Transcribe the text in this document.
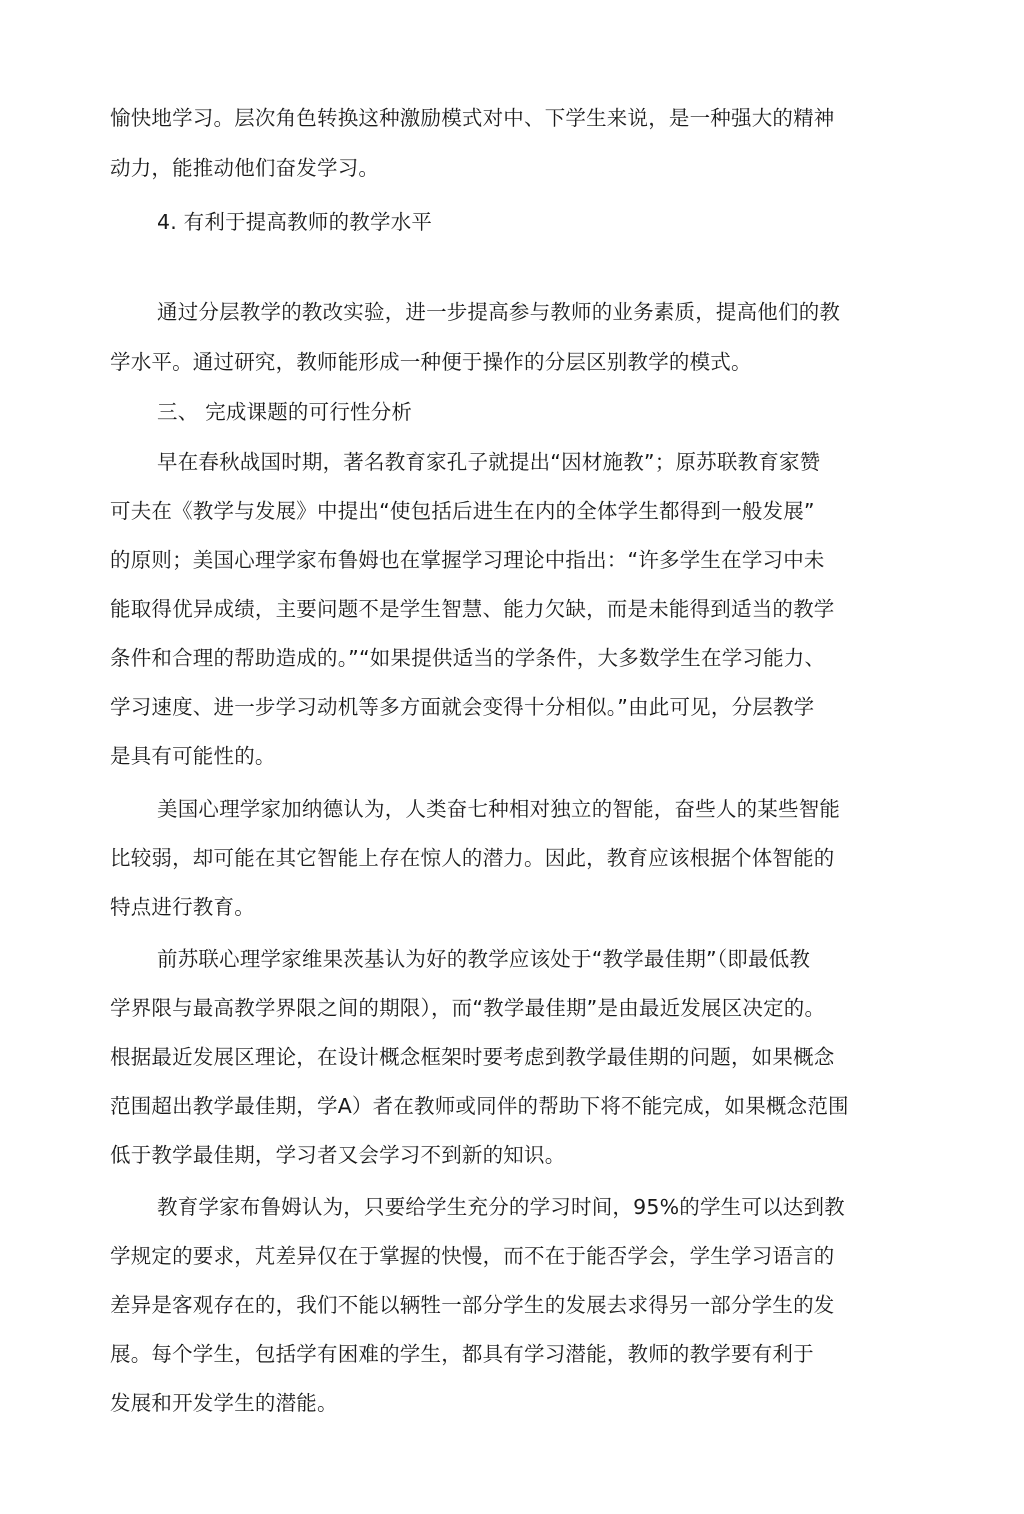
愉快地学习。层次角色转换这种激励模式对中、下学生来说，是一种强大的精神
动力，能推动他们奋发学习。
4. 有利于提高教师的教学水平
通过分层教学的教改实验，进一步提高参与教师的业务素质，提高他们的教
学水平。通过研究，教师能形成一种便于操作的分层区别教学的模式。
三、 完成课题的可行性分析
早在春秋战国时期，著名教育家孔子就提出“因材施教”；原苏联教育家赞
可夫在《教学与发展》中提出“使包括后进生在内的全体学生都得到一般发展”
的原则；美国心理学家布鲁姆也在掌握学习理论中指出：“许多学生在学习中未
能取得优异成绩，主要问题不是学生智慧、能力欠缺，而是未能得到适当的教学
条件和合理的帮助造成的。”“如果提供适当的学条件，大多数学生在学习能力、
学习速度、进一步学习动机等多方面就会变得十分相似。”由此可见，分层教学
是具有可能性的。
美国心理学家加纳德认为，人类奋七种相对独立的智能，奋些人的某些智能
比较弱，却可能在其它智能上存在惊人的潜力。因此，教育应该根据个体智能的
特点进行教育。
前苏联心理学家维果茨基认为好的教学应该处于“教学最佳期”（即最低教
学界限与最高教学界限之间的期限），而“教学最佳期”是由最近发展区决定的。
根据最近发展区理论，在设计概念框架时要考虑到教学最佳期的问题，如果概念
范围超出教学最佳期，学A）者在教师或同伴的帮助下将不能完成，如果概念范围
低于教学最佳期，学习者又会学习不到新的知识。
教育学家布鲁姆认为，只要给学生充分的学习时间，95%的学生可以达到教
学规定的要求，芃差异仅在于掌握的快慢，而不在于能否学会，学生学习语言的
差异是客观存在的，我们不能以辆牲一部分学生的发展去求得另一部分学生的发
展。每个学生，包括学有困难的学生，都具有学习潜能，教师的教学要有利于
发展和开发学生的潜能。
